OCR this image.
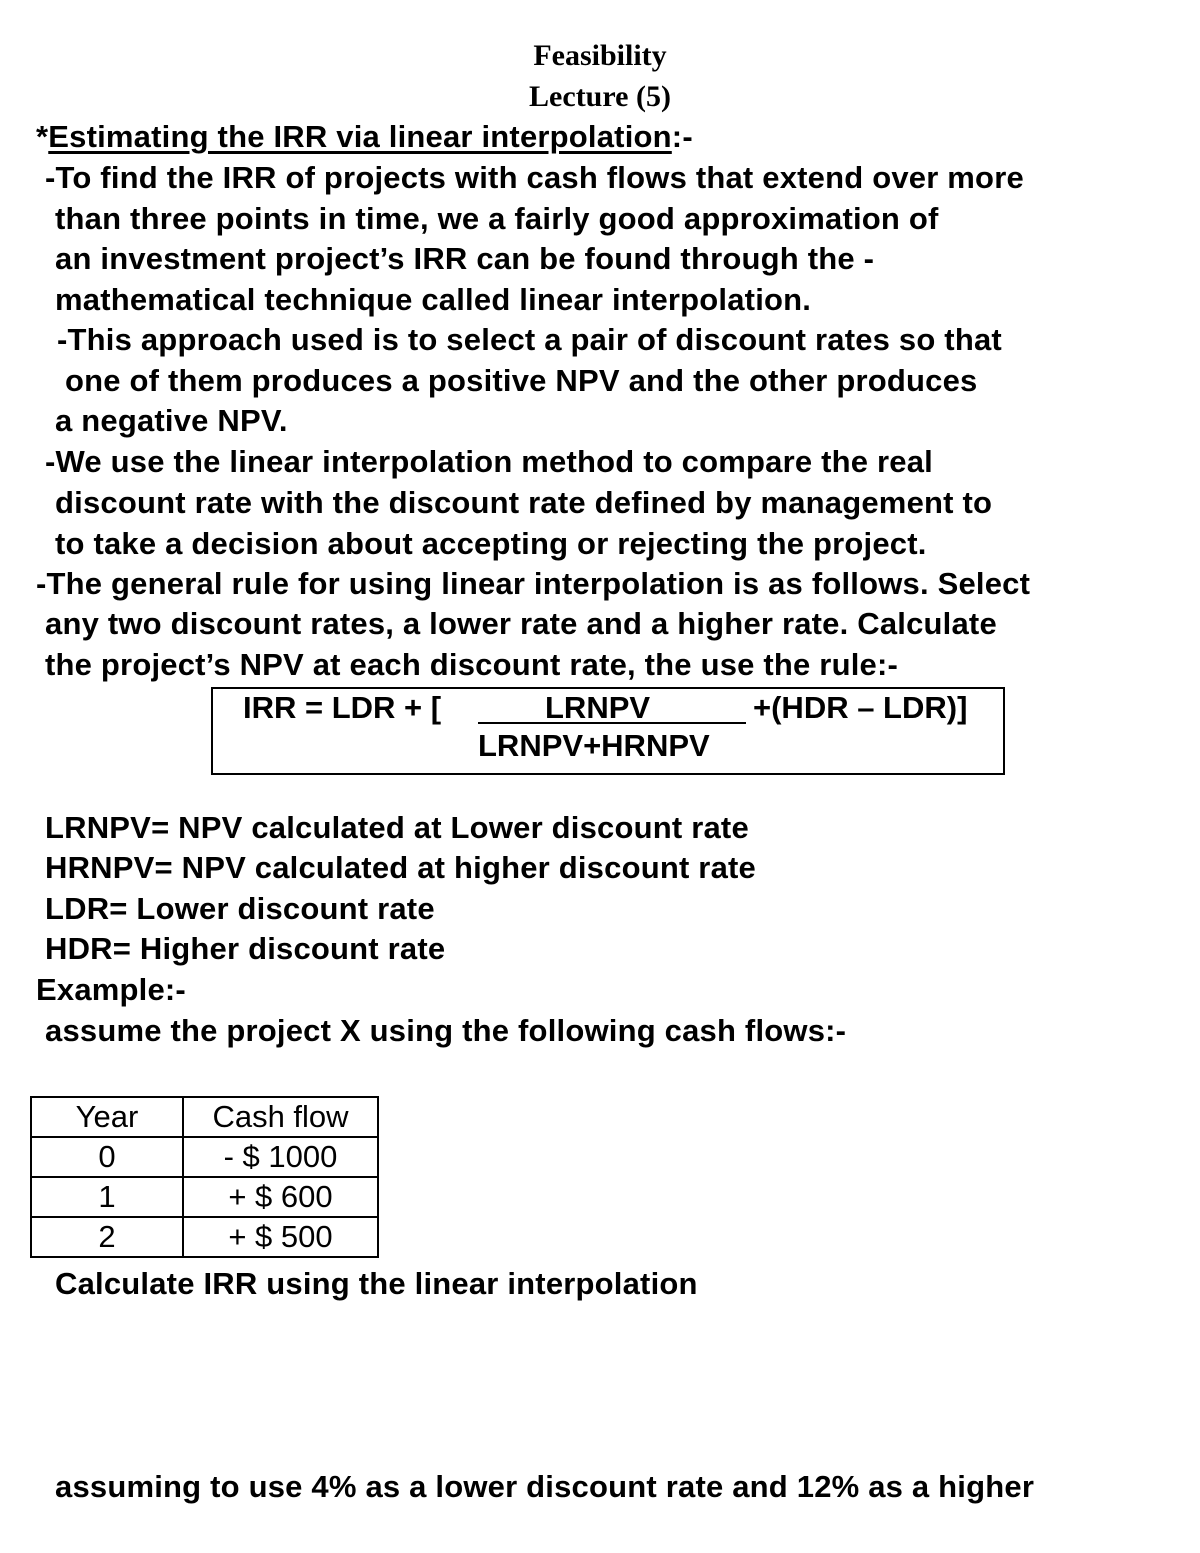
Feasibility
Lecture (5)
*Estimating the IRR via linear interpolation:-
-To find the IRR of projects with cash flows that extend over more
than three points in time, we a fairly good approximation of
an investment project’s IRR can be found through the -
mathematical technique called linear interpolation.
-This approach used is to select a pair of discount rates so that
one of them produces a positive NPV and the other produces
a negative NPV.
-We use the linear interpolation method to compare the real
discount rate with the discount rate defined by management to
to take a decision about accepting or rejecting the project.
-The general rule for using linear interpolation is as follows. Select
any two discount rates, a lower rate and a higher rate. Calculate
the project’s NPV at each discount rate, the use the rule:-
IRR = LDR + [	LRNPV	+(HDR – LDR)]
LRNPV+HRNPV
LRNPV= NPV calculated at Lower discount rate
HRNPV= NPV calculated at higher discount rate
LDR= Lower discount rate
HDR= Higher discount rate
Example:-
assume the project X using the following cash flows:-
Year	Cash flow
0	- $ 1000
1	+ $ 600
2	+ $ 500
Calculate IRR using the linear interpolation
assuming to use 4% as a lower discount rate and 12% as a higher
